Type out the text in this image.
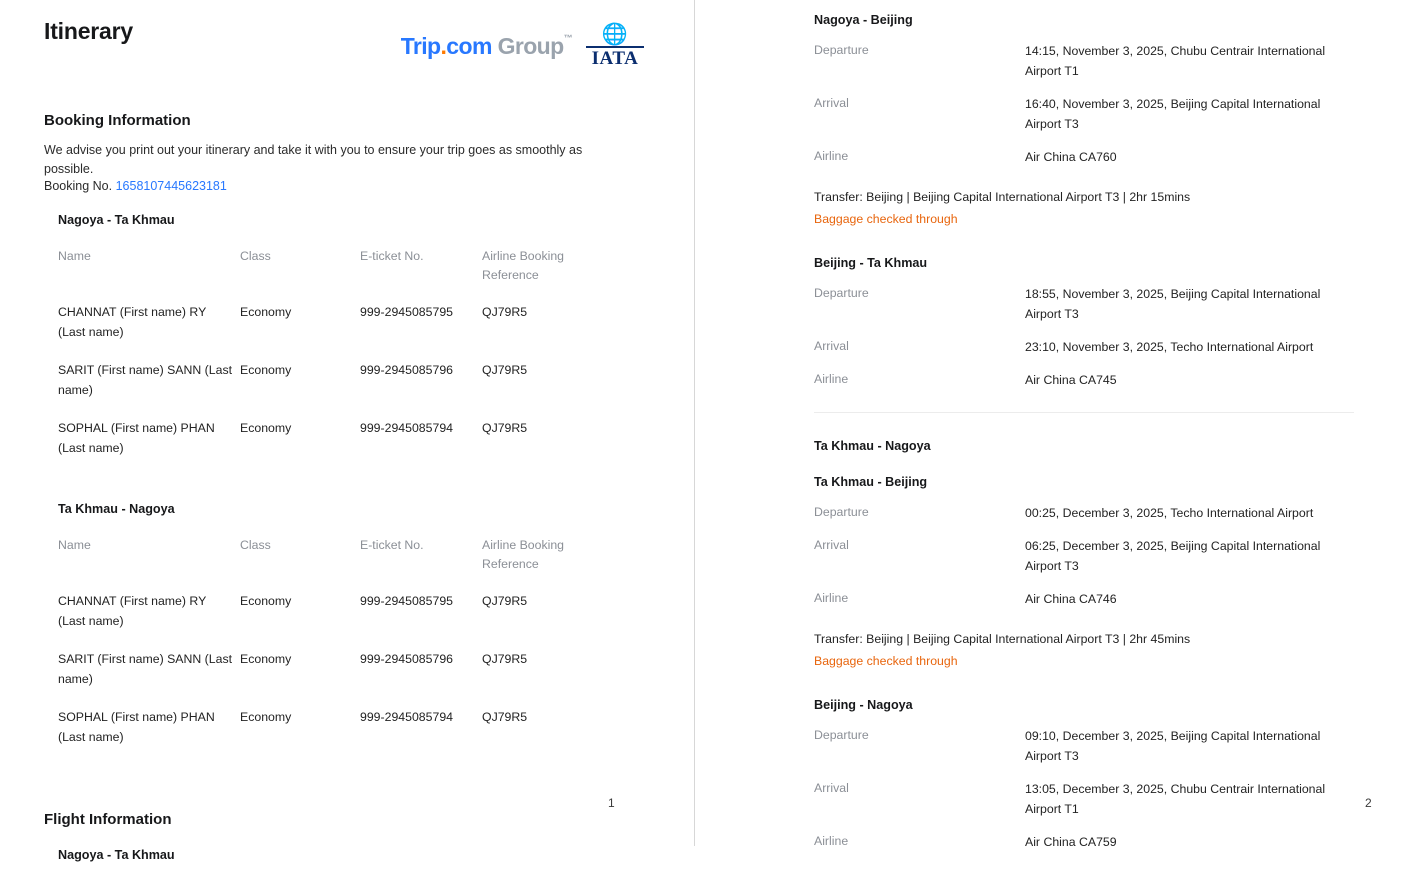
Itinerary
Trip.com Group™	🌐
IATA
Booking Information
We advise you print out your itinerary and take it with you to ensure your trip goes as smoothly as possible.
Booking No. 1658107445623181
Nagoya - Ta Khmau
Name	Class	E-ticket No.	Airline Booking Reference
CHANNAT (First name) RY (Last name)	Economy	999-2945085795	QJ79R5
SARIT (First name) SANN (Last name)	Economy	999-2945085796	QJ79R5
SOPHAL (First name) PHAN (Last name)	Economy	999-2945085794	QJ79R5
Ta Khmau - Nagoya
Name	Class	E-ticket No.	Airline Booking Reference
CHANNAT (First name) RY (Last name)	Economy	999-2945085795	QJ79R5
SARIT (First name) SANN (Last name)	Economy	999-2945085796	QJ79R5
SOPHAL (First name) PHAN (Last name)	Economy	999-2945085794	QJ79R5
Flight Information
Nagoya - Ta Khmau
1
Nagoya - Beijing
Departure	14:15, November 3, 2025, Chubu Centrair International Airport T1
Arrival	16:40, November 3, 2025, Beijing Capital International Airport T3
Airline	Air China CA760
Transfer: Beijing | Beijing Capital International Airport T3 | 2hr 15mins
Baggage checked through
Beijing - Ta Khmau
Departure	18:55, November 3, 2025, Beijing Capital International Airport T3
Arrival	23:10, November 3, 2025, Techo International Airport
Airline	Air China CA745
Ta Khmau - Nagoya
Ta Khmau - Beijing
Departure	00:25, December 3, 2025, Techo International Airport
Arrival	06:25, December 3, 2025, Beijing Capital International Airport T3
Airline	Air China CA746
Transfer: Beijing | Beijing Capital International Airport T3 | 2hr 45mins
Baggage checked through
Beijing - Nagoya
Departure	09:10, December 3, 2025, Beijing Capital International Airport T3
Arrival	13:05, December 3, 2025, Chubu Centrair International Airport T1
Airline	Air China CA759
2
